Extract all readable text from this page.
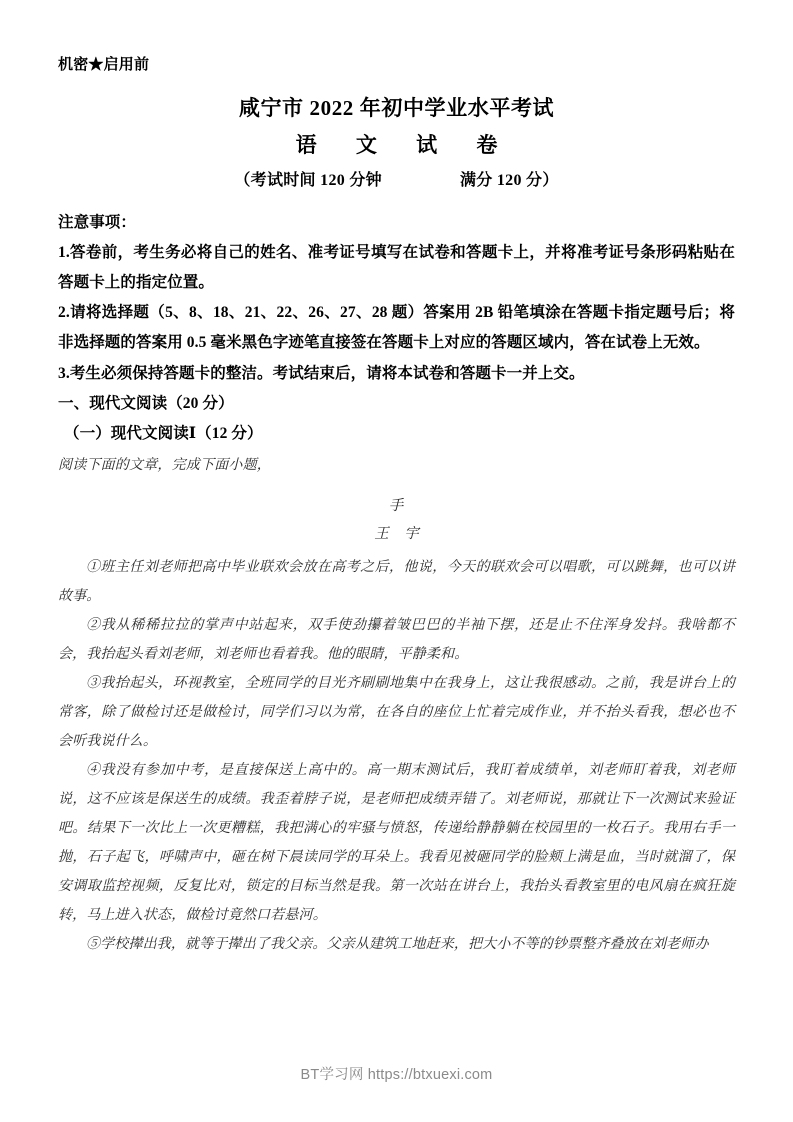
机密★启用前
咸宁市 2022 年初中学业水平考试
语 文 试 卷
（考试时间 120 分钟	满分 120 分）
注意事项：
1.答卷前，考生务必将自己的姓名、准考证号填写在试卷和答题卡上，并将准考证号条形码粘贴在答题卡上的指定位置。
2.请将选择题（5、8、18、21、22、26、27、28 题）答案用 2B 铅笔填涂在答题卡指定题号后；将非选择题的答案用 0.5 毫米黑色字迹笔直接签在答题卡上对应的答题区域内，答在试卷上无效。
3.考生必须保持答题卡的整洁。考试结束后，请将本试卷和答题卡一并上交。
一、现代文阅读（20 分）
（一）现代文阅读Ⅰ（12 分）
阅读下面的文章，完成下面小题，
手
王 宇

①班主任刘老师把高中毕业联欢会放在高考之后，他说，今天的联欢会可以唱歌，可以跳舞，也可以讲故事。

②我从稀稀拉拉的掌声中站起来，双手使劲攥着皱巴巴的半袖下摆，还是止不住浑身发抖。我啥都不会，我抬起头看刘老师，刘老师也看着我。他的眼睛，平静柔和。

③我抬起头，环视教室，全班同学的目光齐刷刷地集中在我身上，这让我很感动。之前，我是讲台上的常客，除了做检讨还是做检讨，同学们习以为常，在各自的座位上忙着完成作业，并不抬头看我，想必也不会听我说什么。

④我没有参加中考，是直接保送上高中的。高一期末测试后，我盯着成绩单，刘老师盯着我，刘老师说，这不应该是保送生的成绩。我歪着脖子说，是老师把成绩弄错了。刘老师说，那就让下一次测试来验证吧。结果下一次比上一次更糟糕，我把满心的牢骚与愤怒，传递给静静躺在校园里的一枚石子。我用右手一抛，石子起飞，呼啸声中，砸在树下晨读同学的耳朵上。我看见被砸同学的脸颊上满是血，当时就溜了，保安调取监控视频，反复比对，锁定的目标当然是我。第一次站在讲台上，我抬头看教室里的电风扇在疯狂旋转，马上进入状态，做检讨竟然口若悬河。

⑤学校撵出我，就等于撵出了我父亲。父亲从建筑工地赶来，把大小不等的钞票整齐叠放在刘老师办

BT学习网 https://btxuexi.com
